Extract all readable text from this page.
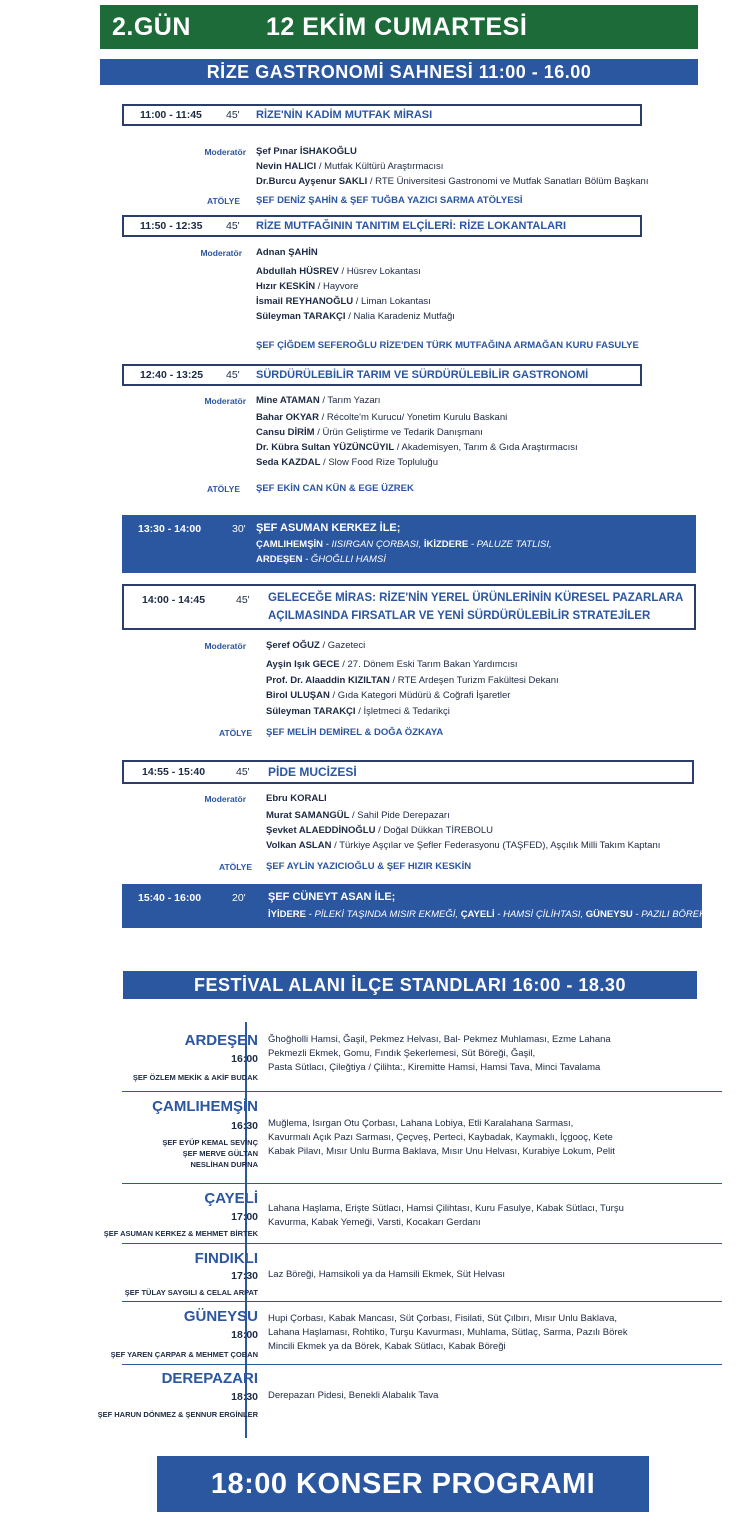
2.GÜN	12 EKİM CUMARTESİ
RİZE GASTRONOMİ SAHNESİ 11:00 - 16.00
11:00 - 11:45 45' RİZE'NİN KADİM MUTFAK MİRASI
Moderatör Şef Pınar İSHAKOĞLU
Nevin HALICI / Mutfak Kültürü Araştırmacısı
Dr.Burcu Ayşenur SAKLI / RTE Üniversitesi Gastronomi ve Mutfak Sanatları Bölüm Başkanı
ATÖLYE ŞEF DENİZ ŞAHİN & ŞEF TUĞBA YAZICI SARMA ATÖLYESİ
11:50 - 12:35 45' RİZE MUTFAĞININ TANITIM ELÇİLERİ: RİZE LOKANTALARI
Moderatör Adnan ŞAHİN
Abdullah HÜSREV / Hüsrev Lokantası
Hızır KESKİN / Hayvore
İsmail REYHANOĞLU / Liman Lokantası
Süleyman TARAKÇI / Nalia Karadeniz Mutfağı
ŞEF ÇİĞDEM SEFEROĞLU RİZE'DEN TÜRK MUTFAĞINA ARMAĞAN KURU FASULYE
12:40 - 13:25 45' SÜRDÜRÜLEBİLİR TARIM VE SÜRDÜRÜLEBİLİR GASTRONOMİ
Moderatör Mine ATAMAN / Tarım Yazarı
Bahar OKYAR / Récolte'm Kurucu/ Yonetim Kurulu Baskani
Cansu DİRİM / Ürün Geliştirme ve Tedarik Danışmanı
Dr. Kübra Sultan YÜZÜNCÜYIL / Akademisyen, Tarım & Gıda Araştırmacısı
Seda KAZDAL / Slow Food Rize Topluluğu
ATÖLYE ŞEF EKİN CAN KÜN & EGE ÜZREK
13:30 - 14:00	30' ŞEF ASUMAN KERKEZ İLE;
ÇAMLIHEMŞİN - IISIRGAN ÇORBASI, İKİZDERE - PALUZE TATLISI,
ARDEŞEN - ĞHOĞLLI HAMSİ
14:00 - 14:45	45' GELECEĞE MİRAS: RİZE'NİN YEREL ÜRÜNLERİNİN KÜRESEL PAZARLARA
AÇILMASINDA FIRSATLAR VE YENİ SÜRDÜRÜLEBİLİR STRATEJİLER
Moderatör Şeref OĞUZ / Gazeteci
Ayşin Işık GECE / 27. Dönem Eski Tarım Bakan Yardımcısı
Prof. Dr. Alaaddin KIZILTAN / RTE Ardeşen Turizm Fakültesi Dekanı
Birol ULUŞAN / Gıda Kategori Müdürü & Coğrafi İşaretler
Süleyman TARAKÇI / İşletmeci & Tedarikçi
ATÖLYE ŞEF MELİH DEMİREL & DOĞA ÖZKAYA
14:55 - 15:40	45' PİDE MUCİZESİ
Moderatör Ebru KORALI
Murat SAMANGÜL / Sahil Pide Derepazarı
Şevket ALAEDDİNOĞLU / Doğal Dükkan TİREBOLU
Volkan ASLAN / Türkiye Aşçılar ve Şefler Federasyonu (TAŞFED), Aşçılık Milli Takım Kaptanı
ATÖLYE ŞEF AYLİN YAZICIOĞLU & ŞEF HIZIR KESKİN
15:40 - 16:00	20' ŞEF CÜNEYT ASAN İLE;
İYİDERE - PİLEKİ TAŞINDA MISIR EKMEĞİ, ÇAYELİ - HAMSİ ÇİLİHTASI, GÜNEYSU - PAZILI BÖREK
FESTİVAL ALANI İLÇE STANDLARI 16:00 - 18.30
ARDEŞEN
16:00
ŞEF ÖZLEM MEKİK & AKİF BUDAK
Ğhoğholli Hamsi, Ğaşil, Pekmez Helvası, Bal- Pekmez Muhlaması, Ezme Lahana
Pekmezli Ekmek, Gomu, Fındık Şekerlemesi, Süt Böreği, Ğaşil,
Pasta Sütlacı, Çileğtiya / Çilihta:, Kiremitte Hamsi, Hamsi Tava, Minci Tavalama
ÇAMLIHEMŞİN
16:30
ŞEF EYÜP KEMAL SEVİNÇ
ŞEF MERVE GÜLTAN
NESLİHAN DURNA
Muğlema, Isırgan Otu Çorbası, Lahana Lobiya, Etli Karalahana Sarması,
Kavurmalı Açık Pazı Sarması, Çeçveş, Perteci, Kaybadak, Kaymaklı, İçgooç, Kete
Kabak Pilavı, Mısır Unlu Burma Baklava, Mısır Unu Helvası, Kurabiye Lokum, Pelit
ÇAYELİ
17:00
ŞEF ASUMAN KERKEZ & MEHMET BİRTEK
Lahana Haşlama, Erişte Sütlacı, Hamsi Çilihtası, Kuru Fasulye, Kabak Sütlacı, Turşu
Kavurma, Kabak Yemeği, Varsti, Kocakarı Gerdanı
FINDIKLI
17:30
ŞEF TÜLAY SAYGILI & CELAL ARPAT
Laz Böreği, Hamsikoli ya da Hamsili Ekmek, Süt Helvası
GÜNEYSU
18:00
ŞEF YAREN ÇARPAR & MEHMET ÇOBAN
Hupi Çorbası, Kabak Mancası, Süt Çorbası, Fisilati, Süt Çılbırı, Mısır Unlu Baklava,
Lahana Haşlaması, Rohtiko, Turşu Kavurması, Muhlama, Sütlaç, Sarma, Pazılı Börek
Mincili Ekmek ya da Börek, Kabak Sütlacı, Kabak Böreği
DEREPAZARI
18:30
ŞEF HARUN DÖNMEZ & ŞENNUR ERGİNLER
Derepazarı Pidesi, Benekli Alabalık Tava
18:00 KONSER PROGRAMI
